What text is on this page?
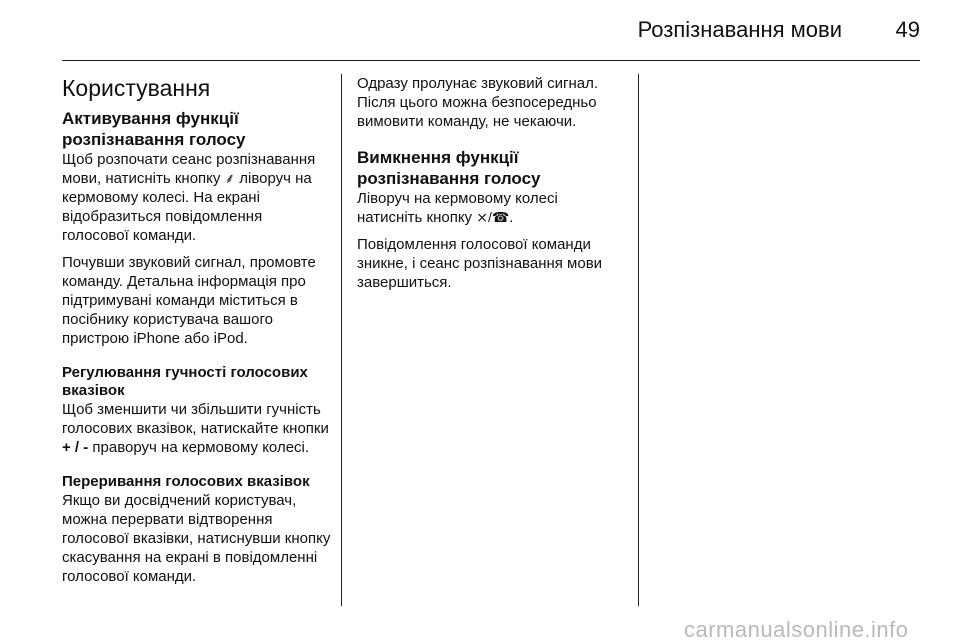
Розпізнавання мови 49
Користування
Активування функції розпізнавання голосу

Щоб розпочати сеанс розпізнавання мови, натисніть кнопку ⸙ ліворуч на кермовому колесі. На екрані відобразиться повідомлення голосової команди.

Почувши звуковий сигнал, промовте команду. Детальна інформація про підтримувані команди міститься в посібнику користувача вашого пристрою iPhone або iPod.

Регулювання гучності голосових вказівок

Щоб зменшити чи збільшити гучність голосових вказівок, натискайте кнопки + / - праворуч на кермовому колесі.

Переривання голосових вказівок

Якщо ви досвідчений користувач, можна перервати відтворення голосової вказівки, натиснувши кнопку скасування на екрані в повідомленні голосової команди.

Одразу пролунає звуковий сигнал. Після цього можна безпосередньо вимовити команду, не чекаючи.

Вимкнення функції розпізнавання голосу

Ліворуч на кермовому колесі натисніть кнопку ⨯/☎.

Повідомлення голосової команди зникне, і сеанс розпізнавання мови завершиться.

carmanualsonline.info
